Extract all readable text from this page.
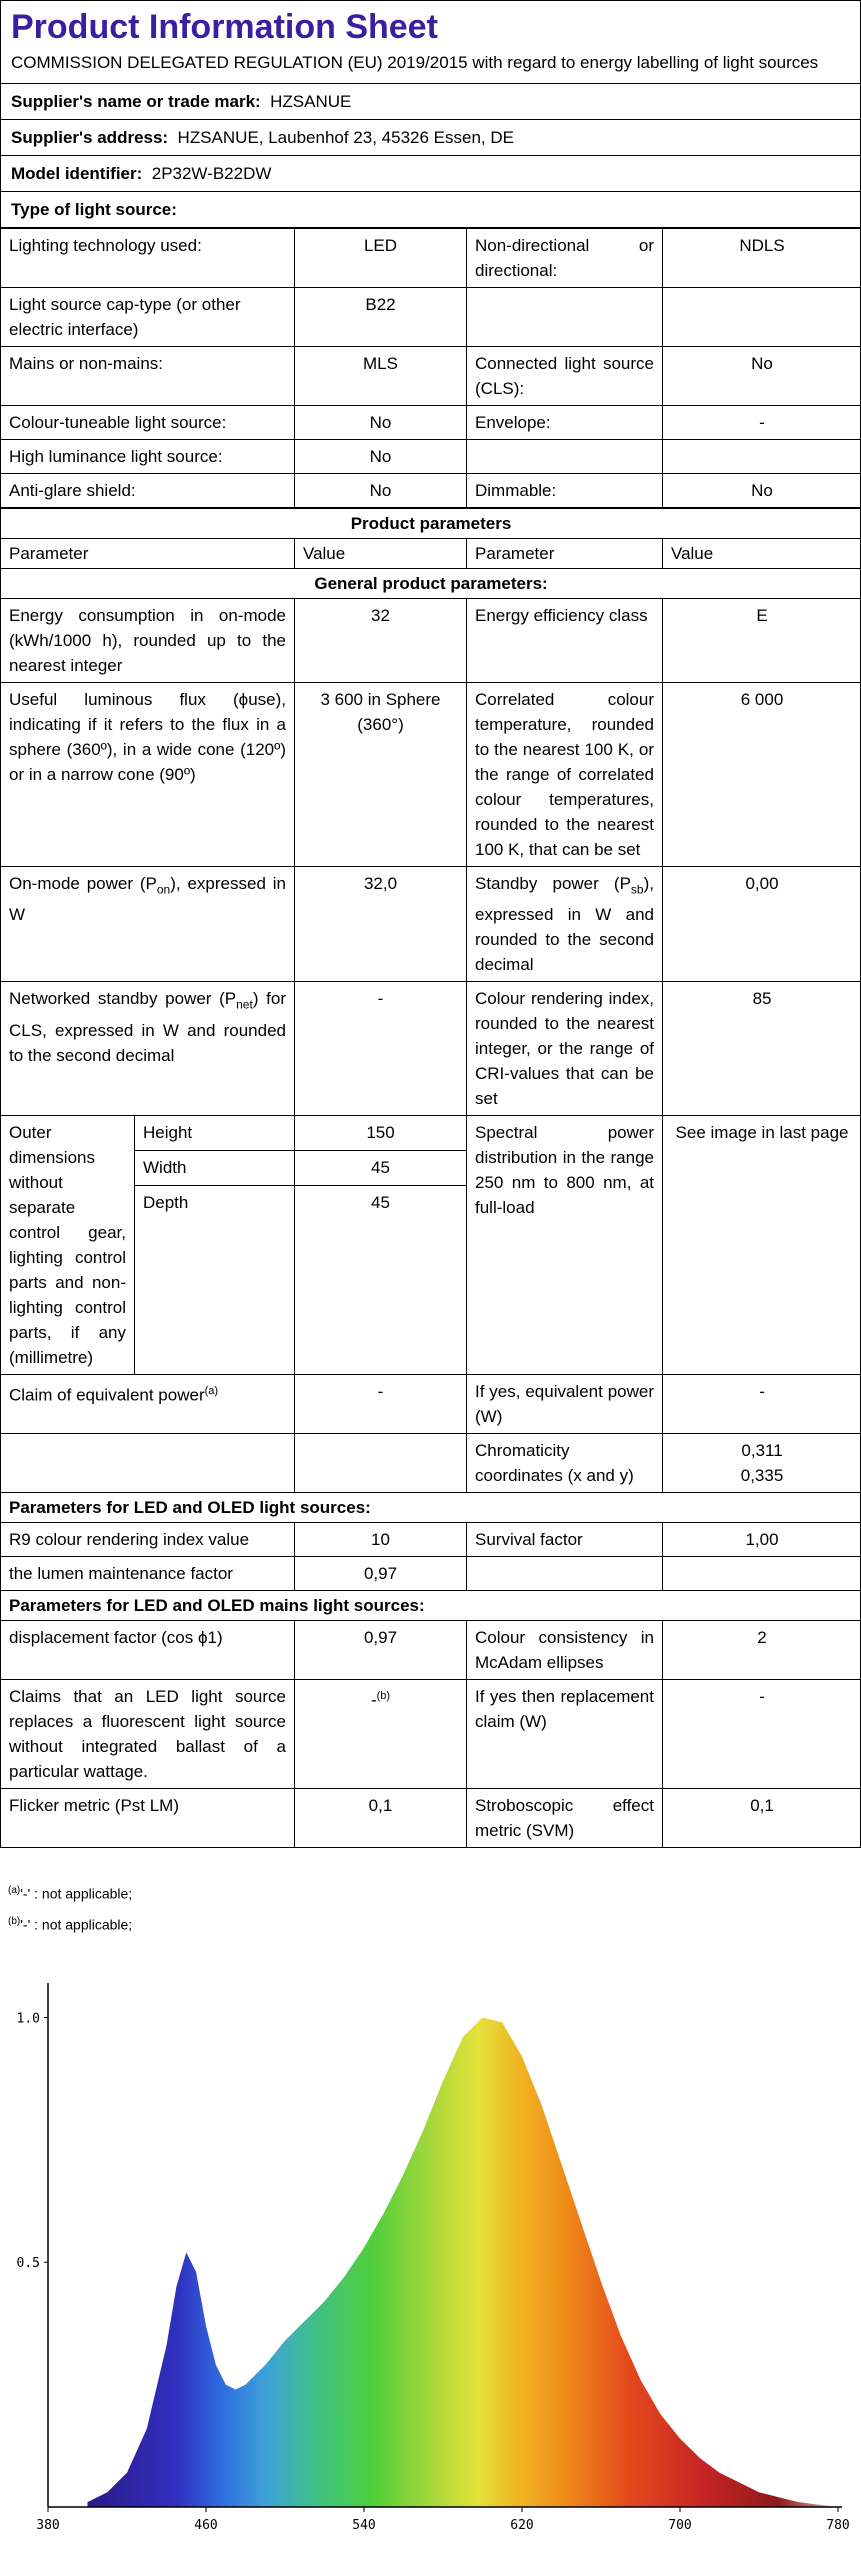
Product Information Sheet
COMMISSION DELEGATED REGULATION (EU) 2019/2015 with regard to energy labelling of light sources
Supplier's name or trade mark: HZSANUE
Supplier's address: HZSANUE, Laubenhof 23, 45326 Essen, DE
Model identifier: 2P32W-B22DW
Type of light source:
Lighting technology used:	LED	Non-directional or directional:	NDLS
Light source cap-type (or other electric interface)	B22		
Mains or non-mains:	MLS	Connected light source (CLS):	No
Colour-tuneable light source:	No	Envelope:	-
High luminance light source:	No		
Anti-glare shield:	No	Dimmable:	No
Product parameters				
Parameter		Value	Parameter	Value
General product parameters:				
Energy consumption in on-mode (kWh/1000 h), rounded up to the nearest integer		32	Energy efficiency class	E
Useful luminous flux (ϕuse), indicating if it refers to the flux in a sphere (360º), in a wide cone (120º) or in a narrow cone (90º)		3 600 in Sphere (360°)	Correlated colour temperature, rounded to the nearest 100 K, or the range of correlated colour temperatures, rounded to the nearest 100 K, that can be set	6 000
On-mode power $(P_{on})$, expressed in W		32,0	Standby power $(P_{sb})$, expressed in W and rounded to the second decimal	0,00
Networked standby power $(P_{net})$ for CLS, expressed in W and rounded to the second decimal		-	Colour rendering index, rounded to the nearest integer, or the range of CRI-values that can be set	85
Outer dimensions without separate control gear, lighting control parts and non-lighting control parts, if any (millimetre)	Height	150	Spectral power distribution in the range 250 nm to 800 nm, at full-load	See image in last page
	Width	45		
	Depth	45		
Claim of equivalent power$^{(a)}$		-	If yes, equivalent power (W)	-
			Chromaticity coordinates (x and y)	0,311
0,335
Parameters for LED and OLED light sources:				
R9 colour rendering index value		10	Survival factor	1,00
the lumen maintenance factor		0,97		
Parameters for LED and OLED mains light sources:				
displacement factor (cos ϕ1)		0,97	Colour consistency in McAdam ellipses	2
Claims that an LED light source replaces a fluorescent light source without integrated ballast of a particular wattage.		-$^{(b)}$	If yes then replacement claim (W)	-
Flicker metric (Pst LM)		0,1	Stroboscopic effect metric (SVM)	0,1
$^{(a)}$'-' : not applicable;
$^{(b)}$'-' : not applicable;
380	460	540	620	700	780
0.5
1.0
